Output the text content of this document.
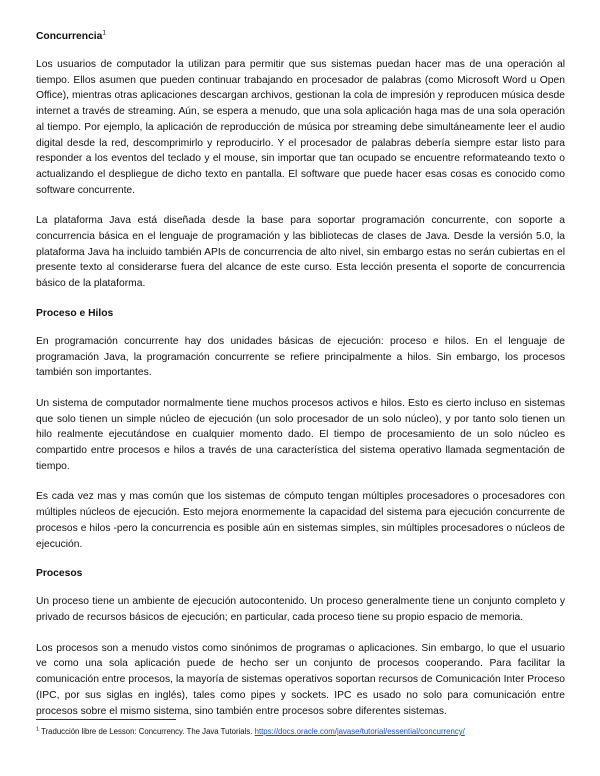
Concurrencia$^1$

Los usuarios de computador la utilizan para permitir que sus sistemas puedan hacer mas de una operación al tiempo. Ellos asumen que pueden continuar trabajando en procesador de palabras (como Microsoft Word u Open Office), mientras otras aplicaciones descargan archivos, gestionan la cola de impresión y reproducen música desde internet a través de streaming. Aún, se espera a menudo, que una sola aplicación haga mas de una sola operación al tiempo. Por ejemplo, la aplicación de reproducción de música por streaming debe simultáneamente leer el audio digital desde la red, descomprimirlo y reproducirlo. Y el procesador de palabras debería siempre estar listo para responder a los eventos del teclado y el mouse, sin importar que tan ocupado se encuentre reformateando texto o actualizando el despliegue de dicho texto en pantalla. El software que puede hacer esas cosas es conocido como software concurrente.

La plataforma Java está diseñada desde la base para soportar programación concurrente, con soporte a concurrencia básica en el lenguaje de programación y las bibliotecas de clases de Java. Desde la versión 5.0, la plataforma Java ha incluido también APIs de concurrencia de alto nivel, sin embargo estas no serán cubiertas en el presente texto al considerarse fuera del alcance de este curso. Esta lección presenta el soporte de concurrencia básico de la plataforma.

Proceso e Hilos

En programación concurrente hay dos unidades básicas de ejecución: proceso e hilos. En el lenguaje de programación Java, la programación concurrente se refiere principalmente a hilos. Sin embargo, los procesos también son importantes.

Un sistema de computador normalmente tiene muchos procesos activos e hilos. Esto es cierto incluso en sistemas que solo tienen un simple núcleo de ejecución (un solo procesador de un solo núcleo), y por tanto solo tienen un hilo realmente ejecutándose en cualquier momento dado. El tiempo de procesamiento de un solo núcleo es compartido entre procesos e hilos a través de una característica del sistema operativo llamada segmentación de tiempo.

Es cada vez mas y mas común que los sistemas de cómputo tengan múltiples procesadores o procesadores con múltiples núcleos de ejecución. Esto mejora enormemente la capacidad del sistema para ejecución concurrente de procesos e hilos -pero la concurrencia es posible aún en sistemas simples, sin múltiples procesadores o núcleos de ejecución.

Procesos

Un proceso tiene un ambiente de ejecución autocontenido. Un proceso generalmente tiene un conjunto completo y privado de recursos básicos de ejecución; en particular, cada proceso tiene su propio espacio de memoria.

Los procesos son a menudo vistos como sinónimos de programas o aplicaciones. Sin embargo, lo que el usuario ve como una sola aplicación puede de hecho ser un conjunto de procesos cooperando. Para facilitar la comunicación entre procesos, la mayoría de sistemas operativos soportan recursos de Comunicación Inter Proceso (IPC, por sus siglas en inglés), tales como pipes y sockets. IPC es usado no solo para comunicación entre procesos sobre el mismo sistema, sino también entre procesos sobre diferentes sistemas.

$^1$ Traducción libre de Lesson: Concurrency. The Java Tutorials. https://docs.oracle.com/javase/tutorial/essential/concurrency/
